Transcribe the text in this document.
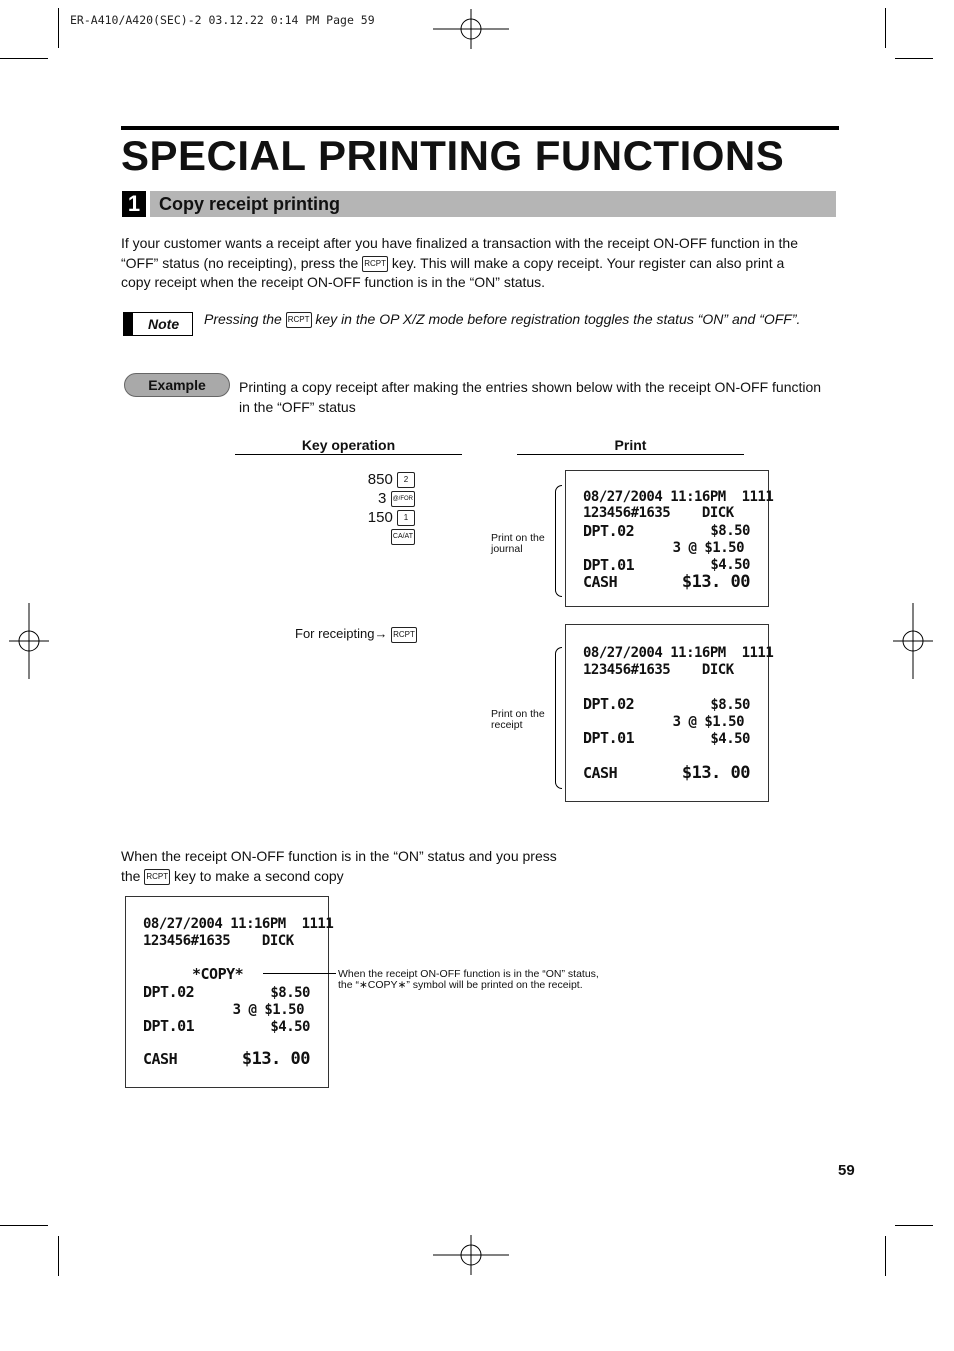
ER-A410/A420(SEC)-2 03.12.22 0:14 PM Page 59
SPECIAL PRINTING FUNCTIONS
1	Copy receipt printing
If your customer wants a receipt after you have finalized a transaction with the receipt ON-OFF function in the
“OFF” status (no receipting), press the RCPT key. This will make a copy receipt. Your register can also print a
copy receipt when the receipt ON-OFF function is in the “ON” status.
Note Pressing the RCPT key in the OP X/Z mode before registration toggles the status “ON” and “OFF”.
Example	Printing a copy receipt after making the entries shown below with the receipt ON-OFF function
in the “OFF” status
Key operation	Print
850 2
3 @/FOR
150 1
CA/AT
For receipting→ RCPT
Print on the journal
08/27/2004 11:16PM  1111
123456#1635    DICK
DPT.02	$8.50
3 @ $1.50
DPT.01	$4.50
CASH	$13. 00
Print on the receipt
08/27/2004 11:16PM  1111
123456#1635    DICK
DPT.02	$8.50
3 @ $1.50
DPT.01	$4.50
CASH	$13. 00
When the receipt ON-OFF function is in the “ON” status and you press
the RCPT key to make a second copy
08/27/2004 11:16PM  1111
123456#1635    DICK
*COPY*
DPT.02	$8.50
3 @ $1.50
DPT.01	$4.50
CASH	$13. 00
When the receipt ON-OFF function is in the “ON” status,
the “∗COPY∗” symbol will be printed on the receipt.
59
